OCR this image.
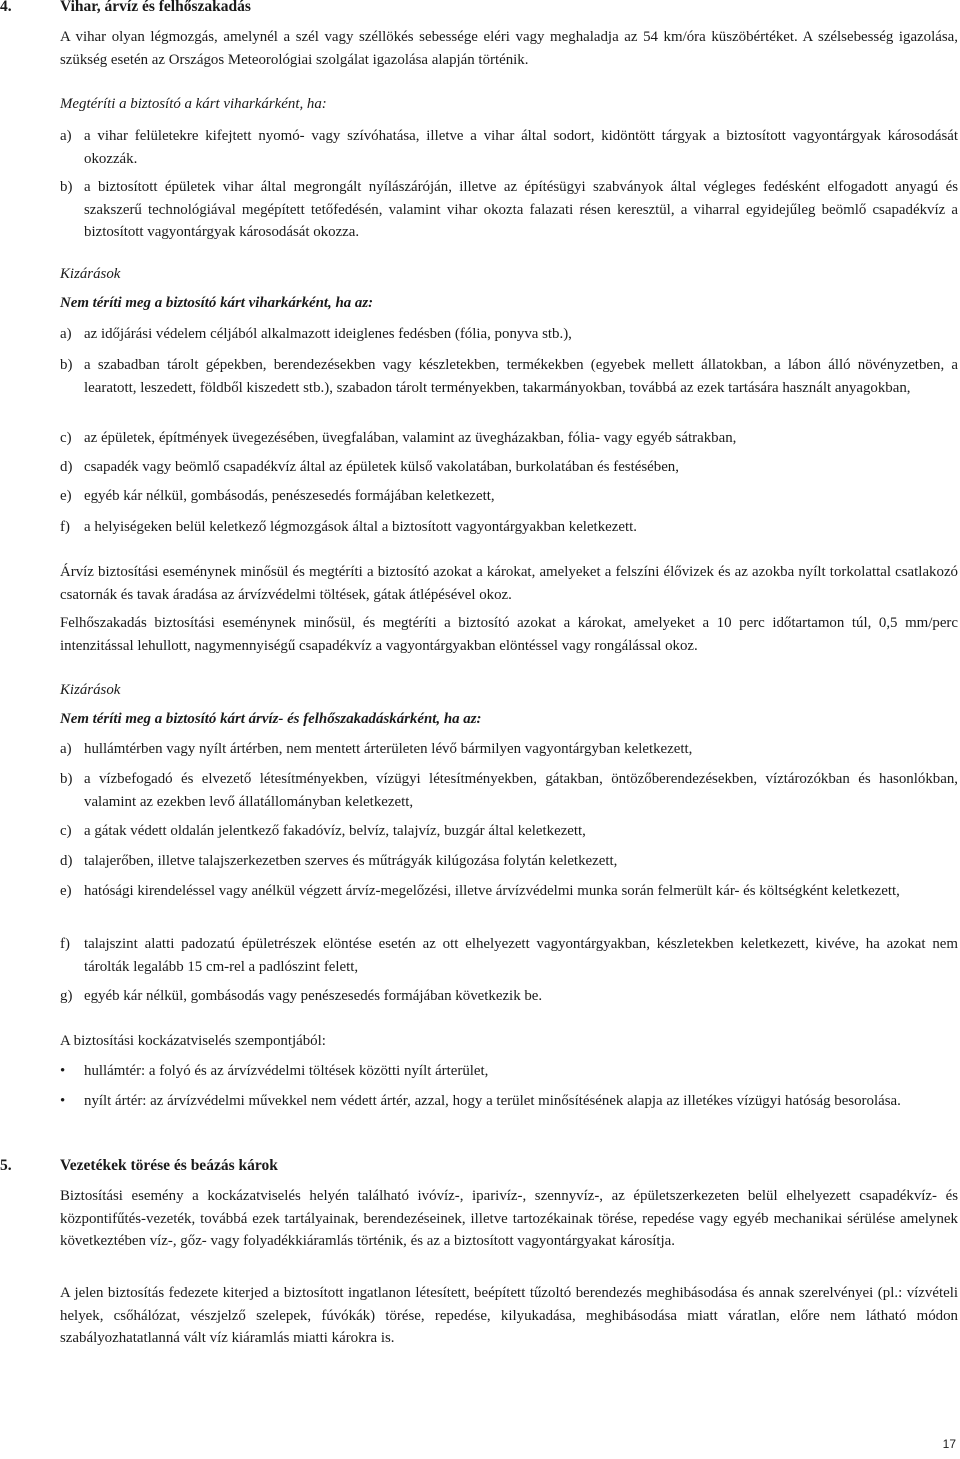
4.	Vihar, árvíz és felhőszakadás

A vihar olyan légmozgás, amelynél a szél vagy széllökés sebessége eléri vagy meghaladja az 54 km/óra küszöbértéket. A szélsebesség igazolása, szükség esetén az Országos Meteorológiai szolgálat igazolása alapján történik.

Megtéríti a biztosító a kárt viharkárként, ha:

a) a vihar felületekre kifejtett nyomó- vagy szívóhatása, illetve a vihar által sodort, kidöntött tárgyak a biztosított vagyontárgyak károsodását okozzák.
b) a biztosított épületek vihar által megrongált nyílászáróján, illetve az építésügyi szabványok által végleges fedésként elfogadott anyagú és szakszerű technológiával megépített tetőfedésén, valamint vihar okozta falazati résen keresztül, a viharral egyidejűleg beömlő csapadékvíz a biztosított vagyontárgyak károsodását okozza.

Kizárások

Nem téríti meg a biztosító kárt viharkárként, ha az:

a) az időjárási védelem céljából alkalmazott ideiglenes fedésben (fólia, ponyva stb.),
b) a szabadban tárolt gépekben, berendezésekben vagy készletekben, termékekben (egyebek mellett állatokban, a lábon álló növényzetben, a learatott, leszedett, földből kiszedett stb.), szabadon tárolt terményekben, takarmányokban, továbbá az ezek tartására használt anyagokban,
c) az épületek, építmények üvegezésében, üvegfalában, valamint az üvegházakban, fólia- vagy egyéb sátrakban,
d) csapadék vagy beömlő csapadékvíz által az épületek külső vakolatában, burkolatában és festésében,
e) egyéb kár nélkül, gombásodás, penészesedés formájában keletkezett,
f) a helyiségeken belül keletkező légmozgások által a biztosított vagyontárgyakban keletkezett.

Árvíz biztosítási eseménynek minősül és megtéríti a biztosító azokat a károkat, amelyeket a felszíni élővizek és az azokba nyílt torkolattal csatlakozó csatornák és tavak áradása az árvízvédelmi töltések, gátak átlépésével okoz.

Felhőszakadás biztosítási eseménynek minősül, és megtéríti a biztosító azokat a károkat, amelyeket a 10 perc időtartamon túl, 0,5 mm/perc intenzitással lehullott, nagymennyiségű csapadékvíz a vagyontárgyakban elöntéssel vagy rongálással okoz.

Kizárások

Nem téríti meg a biztosító kárt árvíz- és felhőszakadáskárként, ha az:

a) hullámtérben vagy nyílt ártérben, nem mentett árterületen lévő bármilyen vagyontárgyban keletkezett,
b) a vízbefogadó és elvezető létesítményekben, vízügyi létesítményekben, gátakban, öntözőberendezésekben, víztározókban és hasonlókban, valamint az ezekben levő állatállományban keletkezett,
c) a gátak védett oldalán jelentkező fakadóvíz, belvíz, talajvíz, buzgár által keletkezett,
d) talajerőben, illetve talajszerkezetben szerves és műtrágyák kilúgozása folytán keletkezett,
e) hatósági kirendeléssel vagy anélkül végzett árvíz-megelőzési, illetve árvízvédelmi munka során felmerült kár- és költségként keletkezett,
f) talajszint alatti padozatú épületrészek elöntése esetén az ott elhelyezett vagyontárgyakban, készletekben keletkezett, kivéve, ha azokat nem tárolták legalább 15 cm-rel a padlószint felett,
g) egyéb kár nélkül, gombásodás vagy penészesedés formájában következik be.

A biztosítási kockázatviselés szempontjából:

• hullámtér: a folyó és az árvízvédelmi töltések közötti nyílt árterület,
• nyílt ártér: az árvízvédelmi művekkel nem védett ártér, azzal, hogy a terület minősítésének alapja az illetékes vízügyi hatóság besorolása.
5.	Vezetékek törése és beázás károk

Biztosítási esemény a kockázatviselés helyén található ivóvíz-, iparivíz-, szennyvíz-, az épületszerkezeten belül elhelyezett csapadékvíz- és központifűtés-vezeték, továbbá ezek tartályainak, berendezéseinek, illetve tartozékainak törése, repedése vagy egyéb mechanikai sérülése amelynek következtében víz-, gőz- vagy folyadékkiáramlás történik, és az a biztosított vagyontárgyakat károsítja.

A jelen biztosítás fedezete kiterjed a biztosított ingatlanon létesített, beépített tűzoltó berendezés meghibásodása és annak szerelvényei (pl.: vízvételi helyek, csőhálózat, vészjelző szelepek, fúvókák) törése, repedése, kilyukadása, meghibásodása miatt váratlan, előre nem látható módon szabályozhatatlanná vált víz kiáramlás miatti károkra is.

17
